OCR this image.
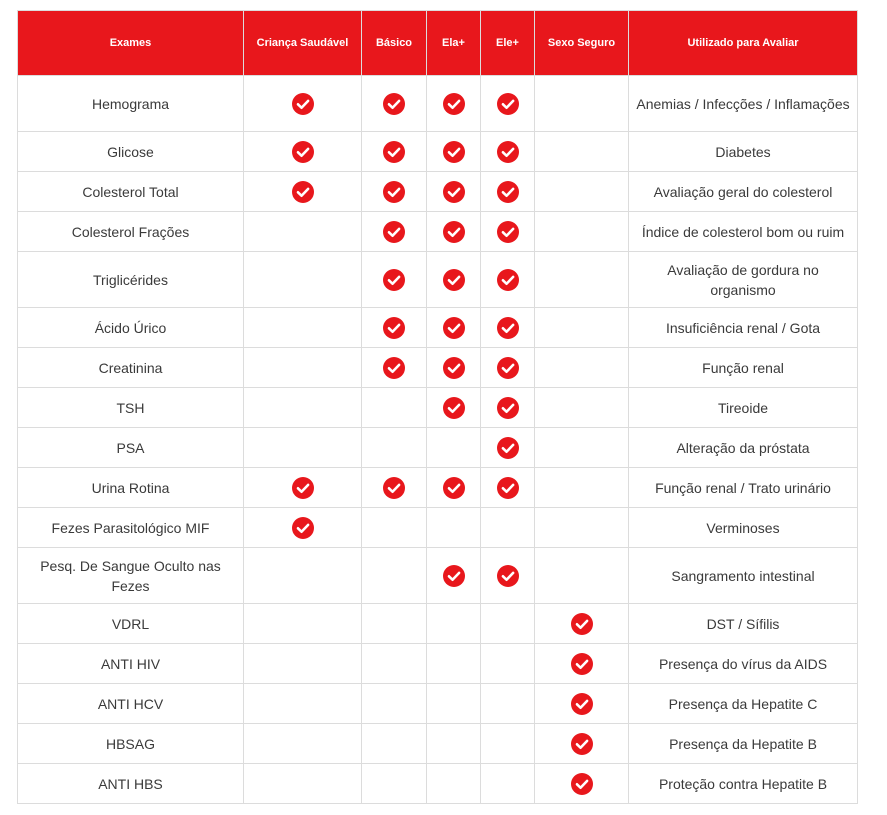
Exames	Criança Saudável	Básico	Ela+	Ele+	Sexo Seguro	Utilizado para Avaliar
Hemograma						Anemias / Infecções / Inflamações
Glicose						Diabetes
Colesterol Total						Avaliação geral do colesterol
Colesterol Frações						Índice de colesterol bom ou ruim
Triglicérides						Avaliação de gordura no organismo
Ácido Úrico						Insuficiência renal / Gota
Creatinina						Função renal
TSH						Tireoide
PSA						Alteração da próstata
Urina Rotina						Função renal / Trato urinário
Fezes Parasitológico MIF						Verminoses
Pesq. De Sangue Oculto nas Fezes						Sangramento intestinal
VDRL						DST / Sífilis
ANTI HIV						Presença do vírus da AIDS
ANTI HCV						Presença da Hepatite C
HBSAG						Presença da Hepatite B
ANTI HBS						Proteção contra Hepatite B
